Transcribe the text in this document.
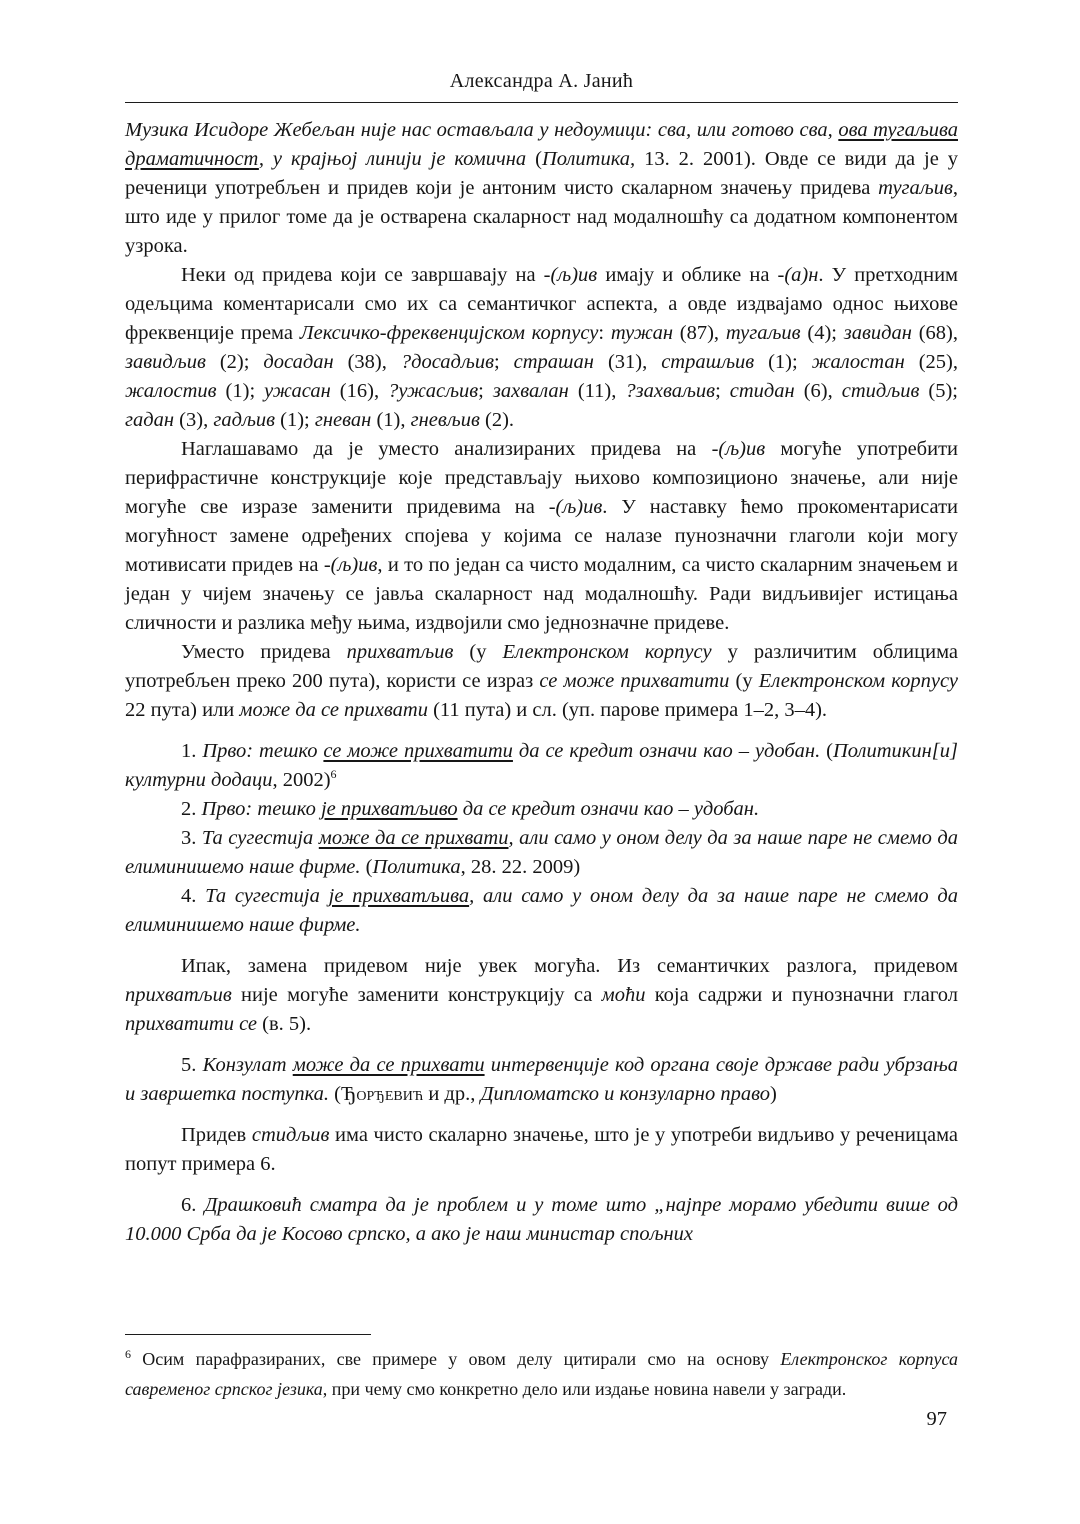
Александра А. Јанић

Музика Исидоре Жебељан није нас остављала у недоумици: сва, или готово сва, ова тугаљива драматичност, у крајњој линији је комична (Политика, 13. 2. 2001). Овде се види да је у реченици употребљен и придев који је антоним чисто скаларном значењу придева тугаљив, што иде у прилог томе да је остварена скаларност над модалношћу са додатном компонентом узрока.

Неки од придева који се завршавају на -(љ)ив имају и облике на -(а)н. У претходним одељцима коментарисали смо их са семантичког аспекта, а овде издвајамо однос њихове фреквенције према Лексичко-фреквенцијском корпусу: тужан (87), тугаљив (4); завидан (68), завидљив (2); досадан (38), ?досадљив; страшан (31), страшљив (1); жалостан (25), жалостив (1); ужасан (16), ?ужасљив; захвалан (11), ?захваљив; стидан (6), стидљив (5); гадан (3), гадљив (1); гневан (1), гневљив (2).

Наглашавамо да је уместо анализираних придева на -(љ)ив могуће употребити перифрастичне конструкције које представљају њихово композиционо значење, али није могуће све изразе заменити придевима на -(љ)ив. У наставку ћемо прокоментарисати могућност замене одређених спојева у којима се налазе пунозначни глаголи који могу мотивисати придев на -(љ)ив, и то по један са чисто модалним, са чисто скаларним значењем и један у чијем значењу се јавља скаларност над модалношћу. Ради видљивијег истицања сличности и разлика међу њима, издвојили смо једнозначне придеве.

Уместо придева прихватљив (у Електронском корпусу у различитим облицима употребљен преко 200 пута), користи се израз се може прихватити (у Електронском корпусу 22 пута) или може да се прихвати (11 пута) и сл. (уп. парове примера 1–2, 3–4).

1. Прво: тешко се може прихватити да се кредит означи као – удобан. (Политикин[и] културни додаци, 2002)$^6$

2. Прво: тешко је прихватљиво да се кредит означи као – удобан.

3. Та сугестија може да се прихвати, али само у оном делу да за наше паре не смемо да елиминишемо наше фирме. (Политика, 28. 22. 2009)

4. Та сугестија је прихватљива, али само у оном делу да за наше паре не смемо да елиминишемо наше фирме.

Ипак, замена придевом није увек могућа. Из семантичких разлога, придевом прихватљив није могуће заменити конструкцију са моћи која садржи и пунозначни глагол прихватити се (в. 5).

5. Конзулат може да се прихвати интервенције код органа своје државе ради убрзања и завршетка поступка. (Ђорђевић и др., Дипломатско и конзуларно право)

Придев стидљив има чисто скаларно значење, што је у употреби видљиво у реченицама попут примера 6.

6. Драшковић сматра да је проблем и у томе што „најпре морамо убедити више од 10.000 Срба да је Косово српско, а ако је наш министар спољних

$^6$ Осим парафразираних, све примере у овом делу цитирали смо на основу Електронског корпуса савременог српског језика, при чему смо конкретно дело или издање новина навели у загради.

97
